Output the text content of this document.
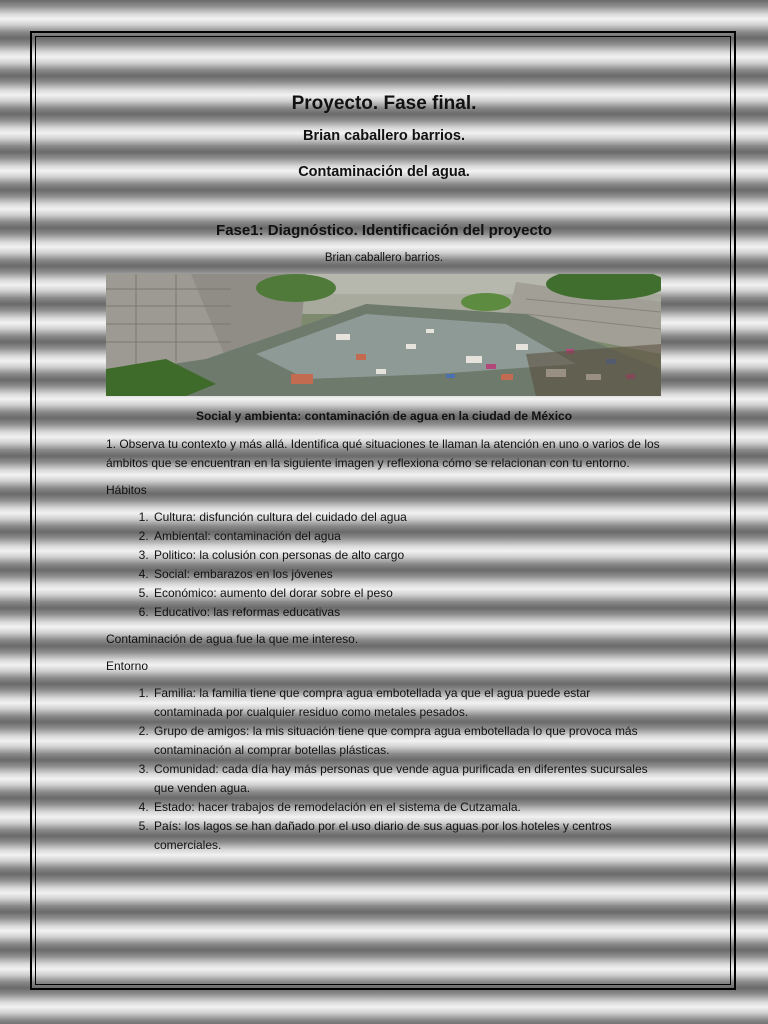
Proyecto. Fase final.
Brian caballero barrios.
Contaminación del agua.
Fase1: Diagnóstico. Identificación del proyecto
Brian caballero barrios.
Social y ambienta: contaminación de agua en la ciudad de México

1. Observa tu contexto y más allá. Identifica qué situaciones te llaman la atención en uno o varios de los ámbitos que se encuentran en la siguiente imagen y reflexiona cómo se relacionan con tu entorno.

Hábitos

1. Cultura: disfunción cultura del cuidado del agua
2. Ambiental: contaminación del agua
3. Politico: la colusión con personas de alto cargo
4. Social: embarazos en los jóvenes
5. Económico: aumento del dorar sobre el peso
6. Educativo: las reformas educativas

Contaminación de agua fue la que me intereso.

Entorno

1. Familia: la familia tiene que compra agua embotellada ya que el agua puede estar contaminada por cualquier residuo como metales pesados.
2. Grupo de amigos: la mis situación tiene que compra agua embotellada lo que provoca más contaminación al comprar botellas plásticas.
3. Comunidad: cada día hay más personas que vende agua purificada en diferentes sucursales que venden agua.
4. Estado: hacer trabajos de remodelación en el sistema de Cutzamala.
5. País: los lagos se han dañado por el uso diario de sus aguas por los hoteles y centros comerciales.
